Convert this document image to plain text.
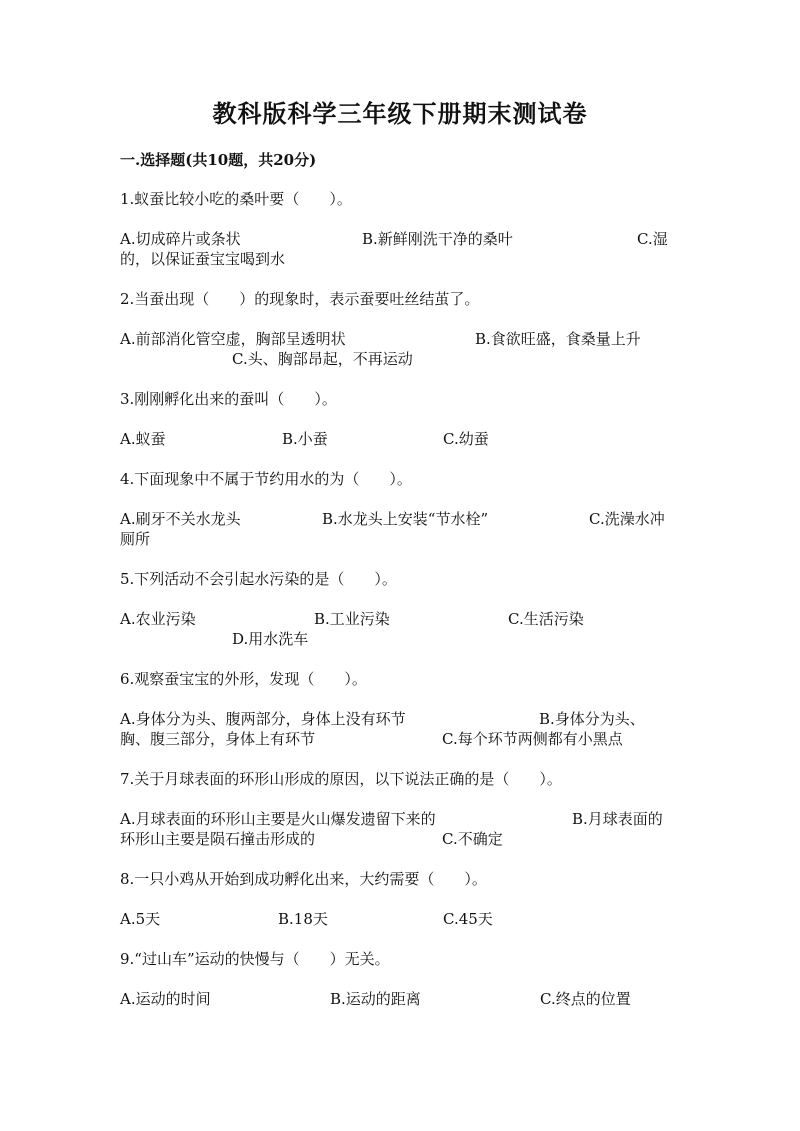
教科版科学三年级下册期末测试卷
一.选择题(共10题，共20分)

1.蚁蚕比较小吃的桑叶要（　　）。

A.切成碎片或条状	B.新鲜刚洗干净的桑叶	C.湿
的，以保证蚕宝宝喝到水

2.当蚕出现（　　）的现象时，表示蚕要吐丝结茧了。

A.前部消化管空虚，胸部呈透明状	B.食欲旺盛，食桑量上升
C.头、胸部昂起，不再运动

3.刚刚孵化出来的蚕叫（　　）。

A.蚁蚕	B.小蚕	C.幼蚕

4.下面现象中不属于节约用水的为（　　）。

A.刷牙不关水龙头	B.水龙头上安装“节水栓”	C.洗澡水冲
厕所

5.下列活动不会引起水污染的是（　　）。

A.农业污染	B.工业污染	C.生活污染
D.用水洗车

6.观察蚕宝宝的外形，发现（　　）。

A.身体分为头、腹两部分，身体上没有环节	B.身体分为头、
胸、腹三部分，身体上有环节	C.每个环节两侧都有小黑点

7.关于月球表面的环形山形成的原因，以下说法正确的是（　　）。

A.月球表面的环形山主要是火山爆发遗留下来的	B.月球表面的
环形山主要是陨石撞击形成的	C.不确定

8.一只小鸡从开始到成功孵化出来，大约需要（　　）。

A.5天	B.18天	C.45天

9.“过山车”运动的快慢与（　　）无关。

A.运动的时间	B.运动的距离	C.终点的位置
